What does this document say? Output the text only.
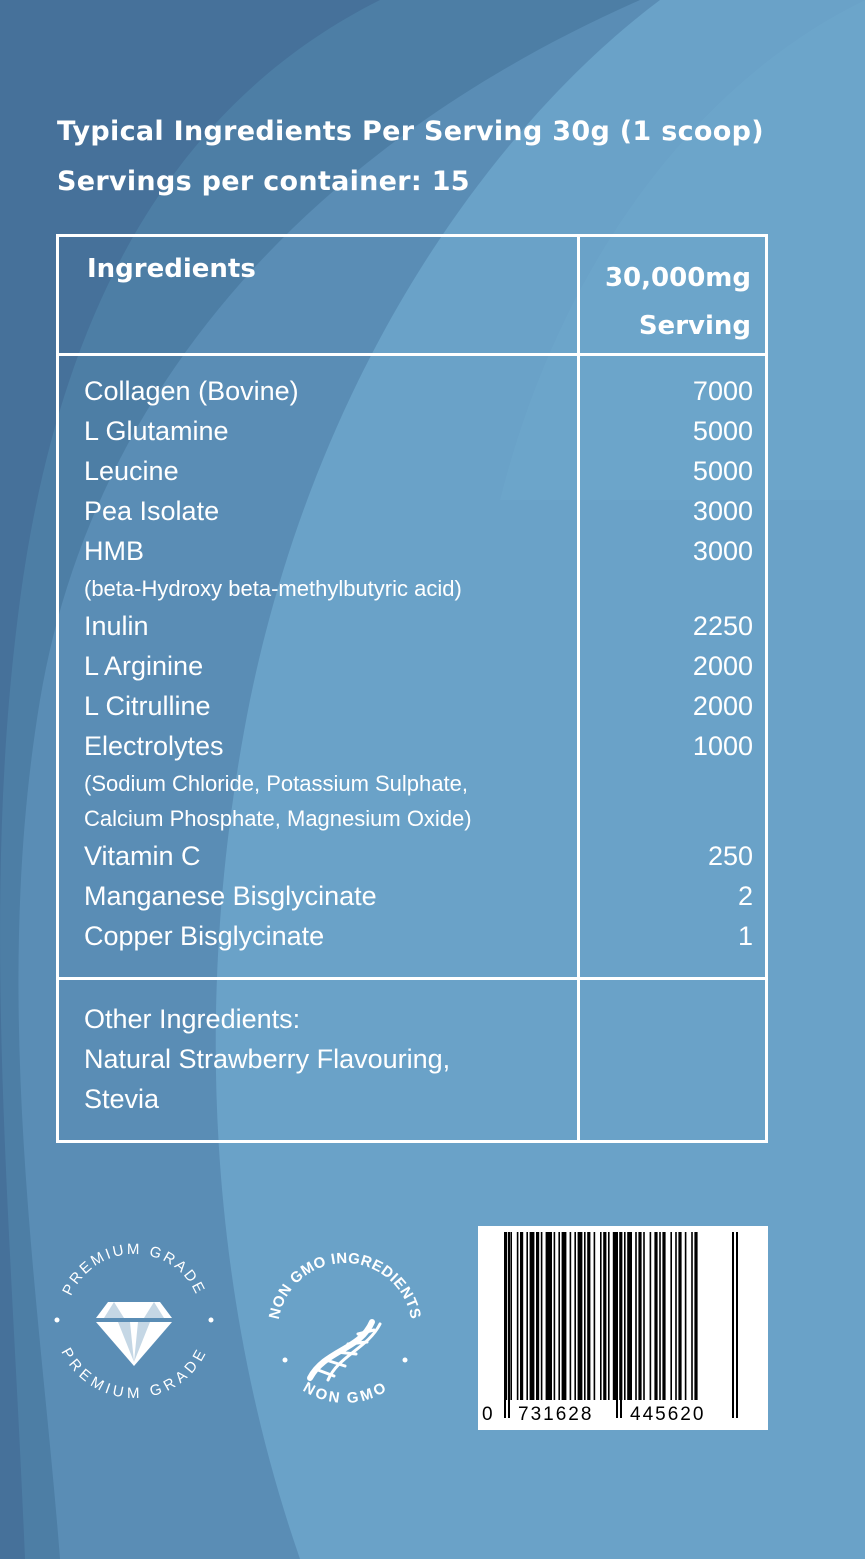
Typical Ingredients Per Serving 30g (1 scoop)
Servings per container: 15
Ingredients	30,000mg
Serving
Collagen (Bovine)	7000
L Glutamine	5000
Leucine	5000
Pea Isolate	3000
HMB	3000
(beta-Hydroxy beta-methylbutyric acid)
Inulin	2250
L Arginine	2000
L Citrulline	2000
Electrolytes	1000
(Sodium Chloride, Potassium Sulphate,
Calcium Phosphate, Magnesium Oxide)
Vitamin C	250
Manganese Bisglycinate	2
Copper Bisglycinate	1
Other Ingredients:
Natural Strawberry Flavouring,
Stevia
PREMIUM GRADE
PREMIUM GRADE
NON GMO INGREDIENTS
NON GMO
0 731628 445620
